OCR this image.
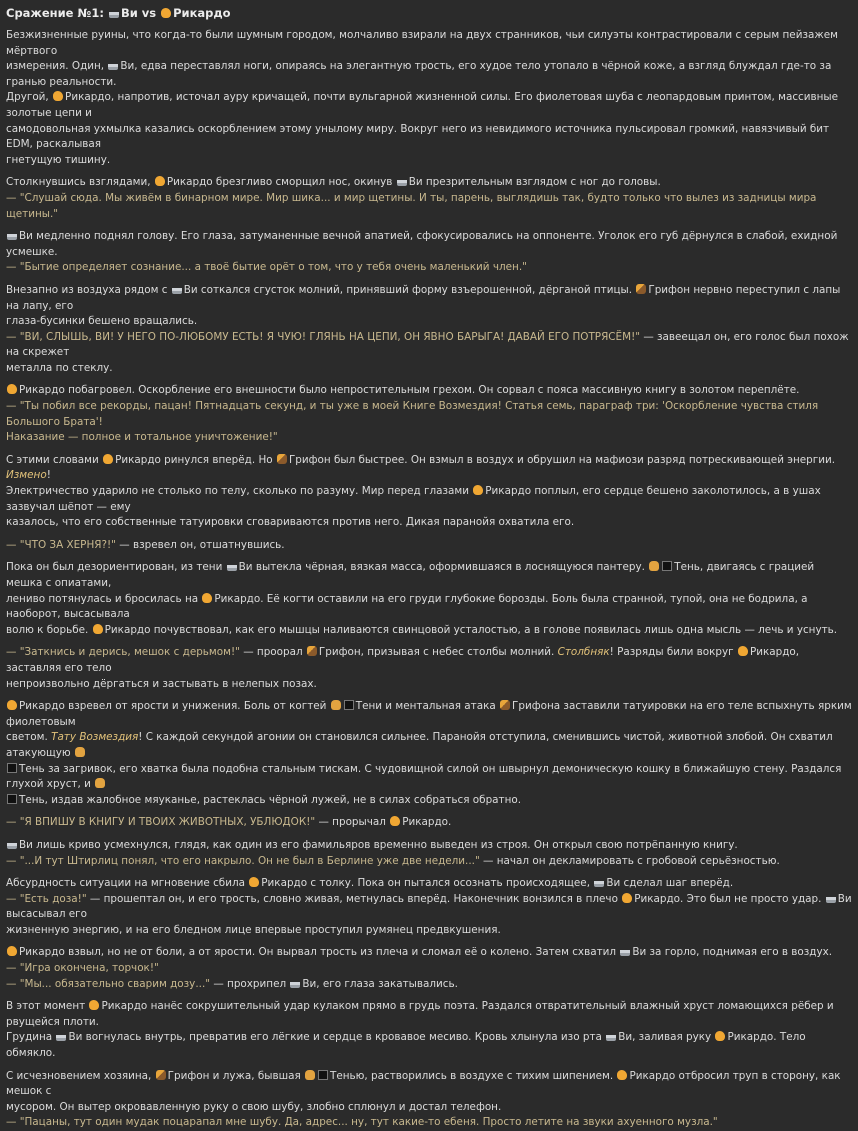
Сражение №1: Ви vs Рикардо
Безжизненные руины, что когда-то были шумным городом, молчаливо взирали на двух странников, чьи силуэты контрастировали с серым пейзажем мёртвого
измерения. Один, Ви, едва переставлял ноги, опираясь на элегантную трость, его худое тело утопало в чёрной коже, а взгляд блуждал где-то за гранью реальности.
Другой, Рикардо, напротив, источал ауру кричащей, почти вульгарной жизненной силы. Его фиолетовая шуба с леопардовым принтом, массивные золотые цепи и
самодовольная ухмылка казались оскорблением этому унылому миру. Вокруг него из невидимого источника пульсировал громкий, навязчивый бит EDM, раскалывая
гнетущую тишину.
Столкнувшись взглядами, Рикардо брезгливо сморщил нос, окинув Ви презрительным взглядом с ног до головы.
— "Слушай сюда. Мы живём в бинарном мире. Мир шика... и мир щетины. И ты, парень, выглядишь так, будто только что вылез из задницы мира щетины."
Ви медленно поднял голову. Его глаза, затуманенные вечной апатией, сфокусировались на оппоненте. Уголок его губ дёрнулся в слабой, ехидной усмешке.
— "Бытие определяет сознание... а твоё бытие орёт о том, что у тебя очень маленький член."
Внезапно из воздуха рядом с Ви соткался сгусток молний, принявший форму взъерошенной, дёрганой птицы. Грифон нервно переступил с лапы на лапу, его
глаза-бусинки бешено вращались.
— "ВИ, СЛЫШЬ, ВИ! У НЕГО ПО-ЛЮБОМУ ЕСТЬ! Я ЧУЮ! ГЛЯНЬ НА ЦЕПИ, ОН ЯВНО БАРЫГА! ДАВАЙ ЕГО ПОТРЯСЁМ!" — завеещал он, его голос был похож на скрежет
металла по стеклу.
Рикардо побагровел. Оскорбление его внешности было непростительным грехом. Он сорвал с пояса массивную книгу в золотом переплёте.
— "Ты побил все рекорды, пацан! Пятнадцать секунд, и ты уже в моей Книге Возмездия! Статья семь, параграф три: 'Оскорбление чувства стиля Большого Брата'!
Наказание — полное и тотальное уничтожение!"
С этими словами Рикардо ринулся вперёд. Но Грифон был быстрее. Он взмыл в воздух и обрушил на мафиози разряд потрескивающей энергии. Измено!
Электричество ударило не столько по телу, сколько по разуму. Мир перед глазами Рикардо поплыл, его сердце бешено заколотилось, а в ушах зазвучал шёпот — ему
казалось, что его собственные татуировки сговариваются против него. Дикая паранойя охватила его.
— "ЧТО ЗА ХЕРНЯ?!" — взревел он, отшатнувшись.
Пока он был дезориентирован, из тени Ви вытекла чёрная, вязкая масса, оформившаяся в лоснящуюся пантеру.	Тень, двигаясь с грацией мешка с опиатами,
лениво потянулась и бросилась на Рикардо. Её когти оставили на его груди глубокие борозды. Боль была странной, тупой, она не бодрила, а наоборот, высасывала
волю к борьбе. Рикардо почувствовал, как его мышцы наливаются свинцовой усталостью, а в голове появилась лишь одна мысль — лечь и уснуть.
— "Заткнись и дерись, мешок с дерьмом!" — проорал Грифон, призывая с небес столбы молний. Столбняк! Разряды били вокруг Рикардо, заставляя его тело
непроизвольно дёргаться и застывать в нелепых позах.
Рикардо взревел от ярости и унижения. Боль от когтей	Тени и ментальная атака Грифона заставили татуировки на его теле вспыхнуть ярким фиолетовым
светом. Тату Возмездия! С каждой секундой агонии он становился сильнее. Паранойя отступила, сменившись чистой, животной злобой. Он схватил атакующую
Тень за загривок, его хватка была подобна стальным тискам. С чудовищной силой он швырнул демоническую кошку в ближайшую стену. Раздался глухой хруст, и
Тень, издав жалобное мяуканье, растеклась чёрной лужей, не в силах собраться обратно.
— "Я ВПИШУ В КНИГУ И ТВОИХ ЖИВОТНЫХ, УБЛЮДОК!" — прорычал Рикардо.
Ви лишь криво усмехнулся, глядя, как один из его фамильяров временно выведен из строя. Он открыл свою потрёпанную книгу.
— "...И тут Штирлиц понял, что его накрыло. Он не был в Берлине уже две недели..." — начал он декламировать с гробовой серьёзностью.
Абсурдность ситуации на мгновение сбила Рикардо с толку. Пока он пытался осознать происходящее, Ви сделал шаг вперёд.
— "Есть доза!" — прошептал он, и его трость, словно живая, метнулась вперёд. Наконечник вонзился в плечо Рикардо. Это был не просто удар. Ви высасывал его
жизненную энергию, и на его бледном лице впервые проступил румянец предвкушения.
Рикардо взвыл, но не от боли, а от ярости. Он вырвал трость из плеча и сломал её о колено. Затем схватил Ви за горло, поднимая его в воздух.
— "Игра окончена, торчок!"
— "Мы... обязательно сварим дозу..." — прохрипел Ви, его глаза закатывались.
В этот момент Рикардо нанёс сокрушительный удар кулаком прямо в грудь поэта. Раздался отвратительный влажный хруст ломающихся рёбер и рвущейся плоти.
Грудина Ви вогнулась внутрь, превратив его лёгкие и сердце в кровавое месиво. Кровь хлынула изо рта Ви, заливая руку Рикардо. Тело обмякло.
С исчезновением хозяина, Грифон и лужа, бывшая	Тенью, растворились в воздухе с тихим шипением. Рикардо отбросил труп в сторону, как мешок с
мусором. Он вытер окровавленную руку о свою шубу, злобно сплюнул и достал телефон.
— "Пацаны, тут один мудак поцарапал мне шубу. Да, адрес... ну, тут какие-то ебеня. Просто летите на звуки ахуенного музла."
